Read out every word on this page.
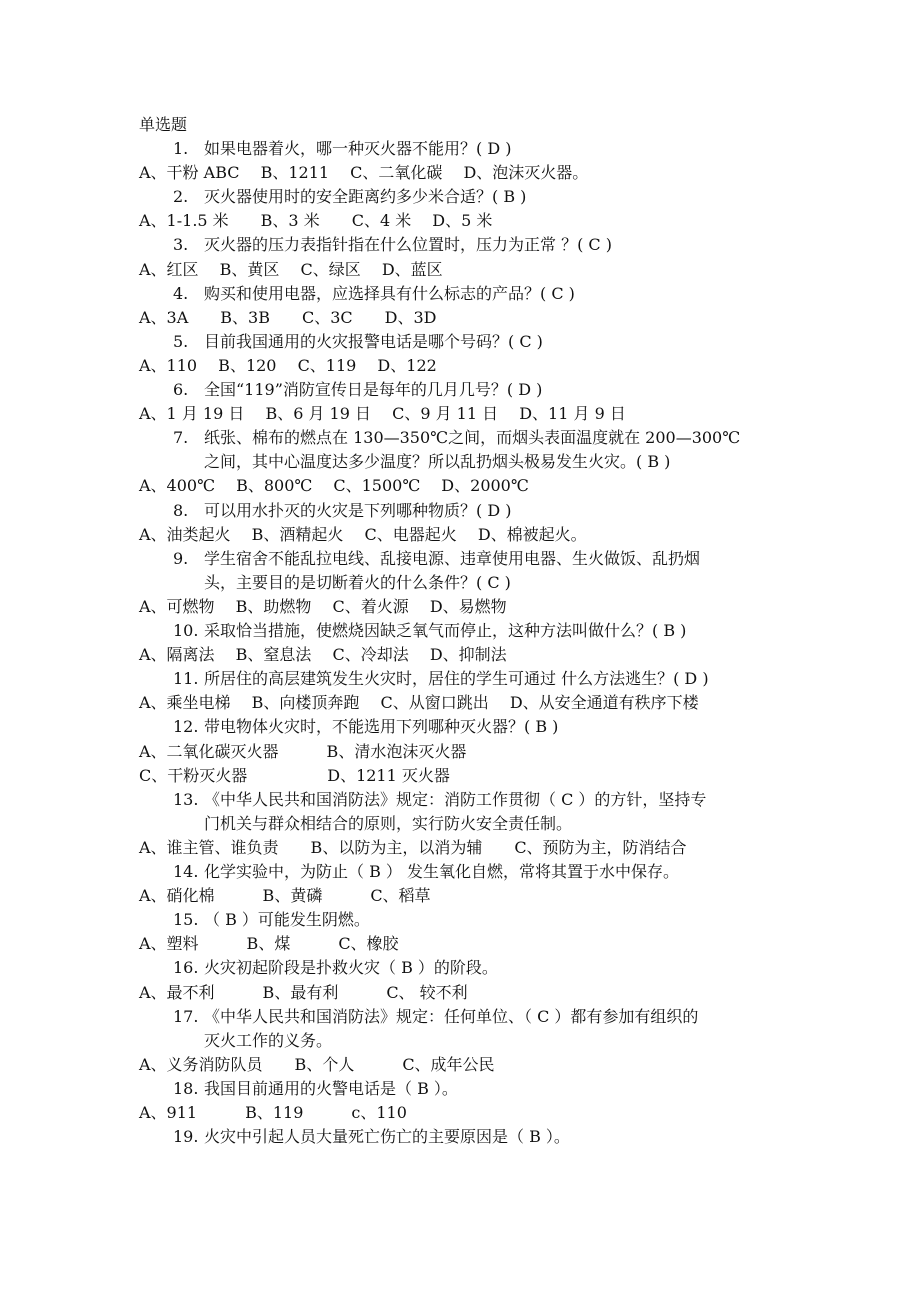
单选题
1. 如果电器着火，哪一种灭火器不能用？( D )
A、干粉 ABC　 B、1211　 C、二氧化碳　 D、泡沫灭火器。
2. 灭火器使用时的安全距离约多少米合适？( B )
A、1-1.5 米　　B、3 米　　C、4 米　 D、5 米
3. 灭火器的压力表指针指在什么位置时，压力为正常 ？( C )
A、红区　 B、黄区　 C、绿区　 D、蓝区
4. 购买和使用电器，应选择具有什么标志的产品？( C )
A、3A　　B、3B　　C、3C　　D、3D
5. 目前我国通用的火灾报警电话是哪个号码？( C )
A、110　 B、120　 C、119　 D、122
6. 全国“119”消防宣传日是每年的几月几号？( D )
A、1 月 19 日　 B、6 月 19 日　 C、9 月 11 日　 D、11 月 9 日
7. 纸张、棉布的燃点在 130—350℃之间，而烟头表面温度就在 200—300℃
之间，其中心温度达多少温度？所以乱扔烟头极易发生火灾。( B )
A、400℃　 B、800℃　 C、1500℃　 D、2000℃
8. 可以用水扑灭的火灾是下列哪种物质？( D )
A、油类起火　 B、酒精起火　 C、电器起火　 D、棉被起火。
9. 学生宿舍不能乱拉电线、乱接电源、违章使用电器、生火做饭、乱扔烟
头，主要目的是切断着火的什么条件？( C )
A、可燃物　 B、助燃物　 C、着火源　 D、易燃物
10. 采取恰当措施，使燃烧因缺乏氧气而停止，这种方法叫做什么？( B )
A、隔离法　 B、窒息法　 C、冷却法　 D、抑制法
11. 所居住的高层建筑发生火灾时，居住的学生可通过 什么方法逃生？( D )
A、乘坐电梯　 B、向楼顶奔跑　 C、从窗口跳出　 D、从安全通道有秩序下楼
12. 带电物体火灾时，不能选用下列哪种灭火器？( B )
A、二氧化碳灭火器　　　B、清水泡沫灭火器
C、干粉灭火器　　　　　D、1211 灭火器
13. 《中华人民共和国消防法》规定：消防工作贯彻（ C ）的方针，坚持专
门机关与群众相结合的原则，实行防火安全责任制。
A、谁主管、谁负责　　B、以防为主，以消为辅　　C、预防为主，防消结合
14. 化学实验中，为防止（ B ） 发生氧化自燃，常将其置于水中保存。
A、硝化棉　　　B、黄磷　　　C、稻草
15. （ B ）可能发生阴燃。
A、塑料　　　B、煤　　　C、橡胶
16. 火灾初起阶段是扑救火灾（ B ）的阶段。
A、最不利　　　B、最有利　　　C、 较不利
17. 《中华人民共和国消防法》规定：任何单位、（ C ）都有参加有组织的
灭火工作的义务。
A、义务消防队员　　B、个人　　　C、成年公民
18. 我国目前通用的火警电话是（ B ）。
A、911　　　B、119　　　c、110
19. 火灾中引起人员大量死亡伤亡的主要原因是（ B ）。
